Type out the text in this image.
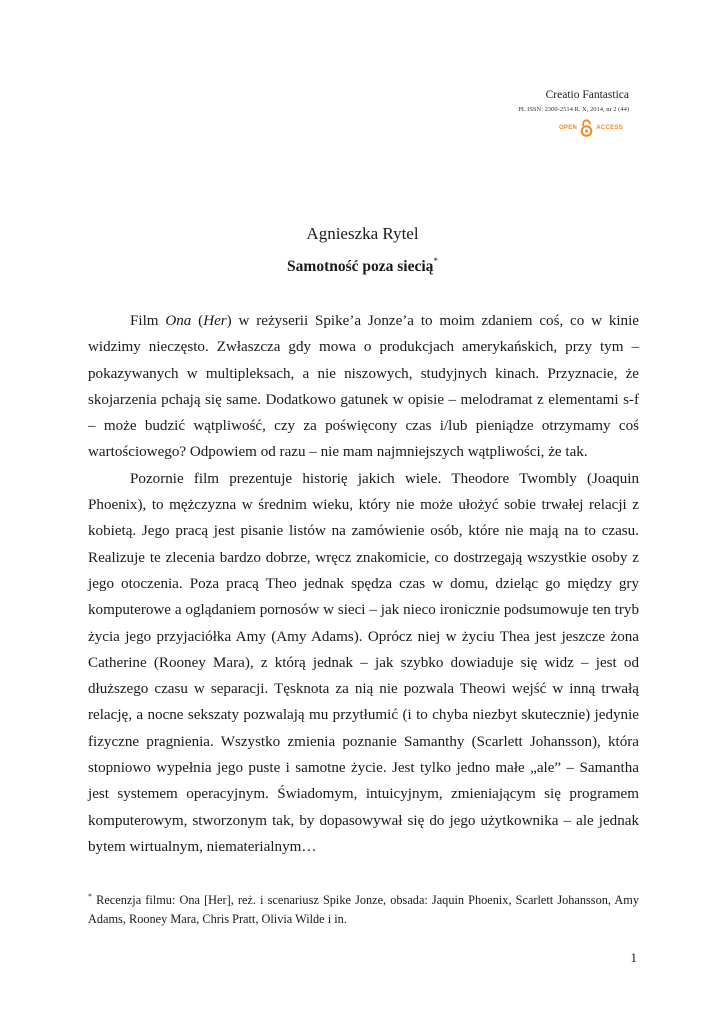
Creatio Fantastica
PL ISSN: 2300-2514 R. X, 2014, nr 2 (44)
OPEN	ACCESS
Agnieszka Rytel
Samotność poza siecią*

Film Ona (Her) w reżyserii Spike’a Jonze’a to moim zdaniem coś, co w kinie widzimy nieczęsto. Zwłaszcza gdy mowa o produkcjach amerykańskich, przy tym – pokazywanych w multipleksach, a nie niszowych, studyjnych kinach. Przyznacie, że skojarzenia pchają się same. Dodatkowo gatunek w opisie – melodramat z elementami s-f – może budzić wątpliwość, czy za poświęcony czas i/lub pieniądze otrzymamy coś wartościowego? Odpowiem od razu – nie mam najmniejszych wątpliwości, że tak.

Pozornie film prezentuje historię jakich wiele. Theodore Twombly (Joaquin Phoenix), to mężczyzna w średnim wieku, który nie może ułożyć sobie trwałej relacji z kobietą. Jego pracą jest pisanie listów na zamówienie osób, które nie mają na to czasu. Realizuje te zlecenia bardzo dobrze, wręcz znakomicie, co dostrzegają wszystkie osoby z jego otoczenia. Poza pracą Theo jednak spędza czas w domu, dzieląc go między gry komputerowe a oglądaniem pornosów w sieci – jak nieco ironicznie podsumowuje ten tryb życia jego przyjaciółka Amy (Amy Adams). Oprócz niej w życiu Thea jest jeszcze żona Catherine (Rooney Mara), z którą jednak – jak szybko dowiaduje się widz – jest od dłuższego czasu w separacji. Tęsknota za nią nie pozwala Theowi wejść w inną trwałą relację, a nocne sekszaty pozwalają mu przytłumić (i to chyba niezbyt skutecznie) jedynie fizyczne pragnienia. Wszystko zmienia poznanie Samanthy (Scarlett Johansson), która stopniowo wypełnia jego puste i samotne życie. Jest tylko jedno małe „ale” – Samantha jest systemem operacyjnym. Świadomym, intuicyjnym, zmieniającym się programem komputerowym, stworzonym tak, by dopasowywał się do jego użytkownika – ale jednak bytem wirtualnym, niematerialnym…

* Recenzja filmu: Ona [Her], reż. i scenariusz Spike Jonze, obsada: Jaquin Phoenix, Scarlett Johansson, Amy Adams, Rooney Mara, Chris Pratt, Olivia Wilde i in.
1
